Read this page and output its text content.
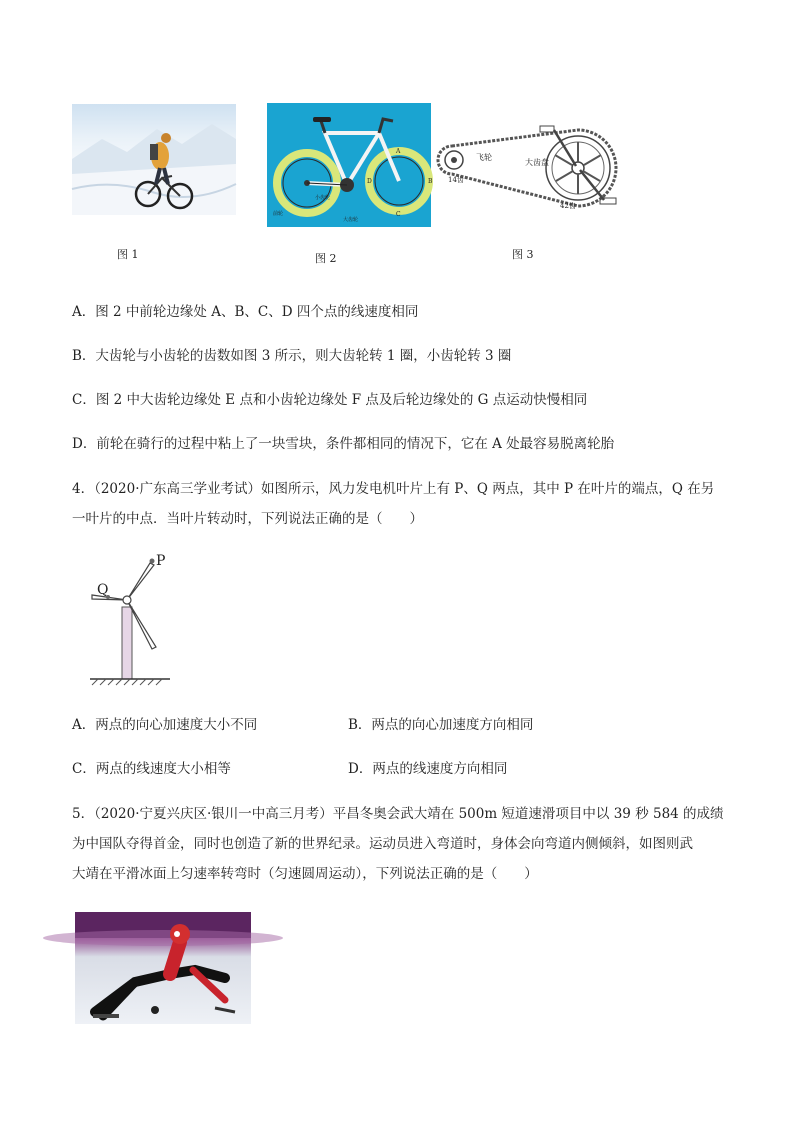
图 1
A
B
C
D
前轮
小齿轮
大齿轮
图 2
飞轮
大齿盘
14齿
42齿
图 3
A．图 2 中前轮边缘处 A、B、C、D 四个点的线速度相同
B．大齿轮与小齿轮的齿数如图 3 所示，则大齿轮转 1 圈，小齿轮转 3 圈
C．图 2 中大齿轮边缘处 E 点和小齿轮边缘处 F 点及后轮边缘处的 G 点运动快慢相同
D．前轮在骑行的过程中粘上了一块雪块，条件都相同的情况下，它在 A 处最容易脱离轮胎
4．（2020·广东高三学业考试）如图所示，风力发电机叶片上有 P、Q 两点，其中 P 在叶片的端点，Q 在另
一叶片的中点．当叶片转动时，下列说法正确的是（　　）
P
Q
A．两点的向心加速度大小不同	B．两点的向心加速度方向相同
C．两点的线速度大小相等	D．两点的线速度方向相同
5．（2020·宁夏兴庆区·银川一中高三月考）平昌冬奥会武大靖在 500m 短道速滑项目中以 39 秒 584 的成绩
为中国队夺得首金，同时也创造了新的世界纪录。运动员进入弯道时，身体会向弯道内侧倾斜，如图则武
大靖在平滑冰面上匀速率转弯时（匀速圆周运动），下列说法正确的是（　　）
